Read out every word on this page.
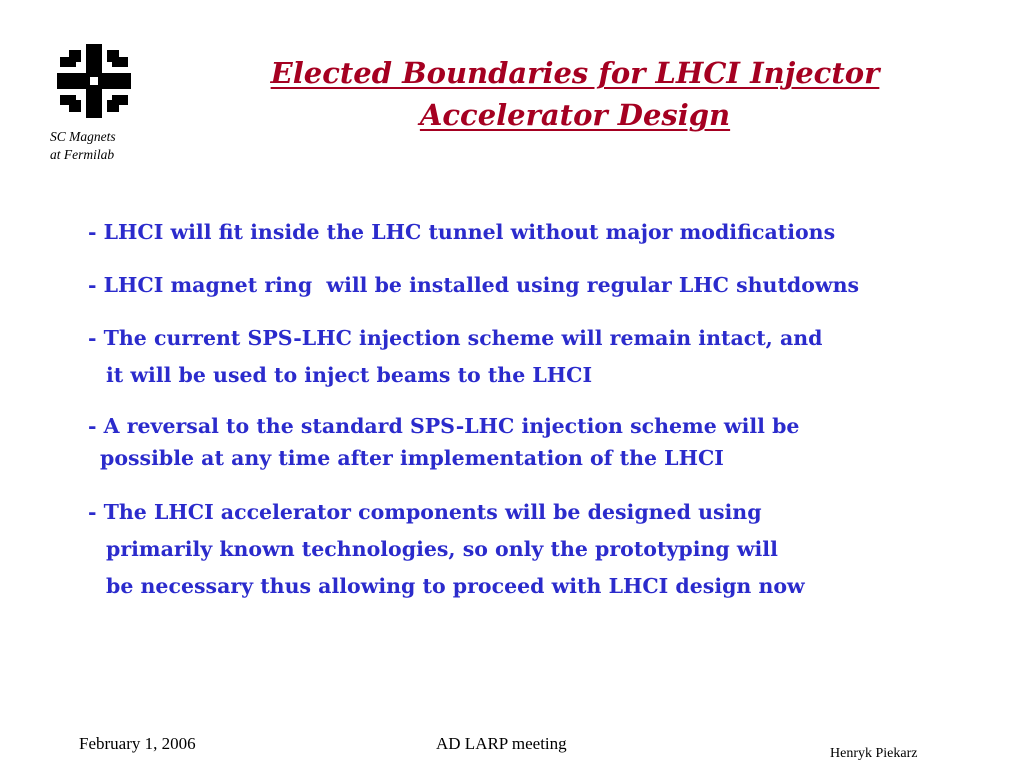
SC Magnets
at Fermilab
Elected Boundaries for LHCI Injector
Accelerator Design
- LHCI will fit inside the LHC tunnel without major modifications
- LHCI magnet ring  will be installed using regular LHC shutdowns
- The current SPS-LHC injection scheme will remain intact, and
it will be used to inject beams to the LHCI
- A reversal to the standard SPS-LHC injection scheme will be
possible at any time after implementation of the LHCI
- The LHCI accelerator components will be designed using
primarily known technologies, so only the prototyping will
be necessary thus allowing to proceed with LHCI design now
February 1, 2006	AD LARP meeting
Henryk Piekarz
